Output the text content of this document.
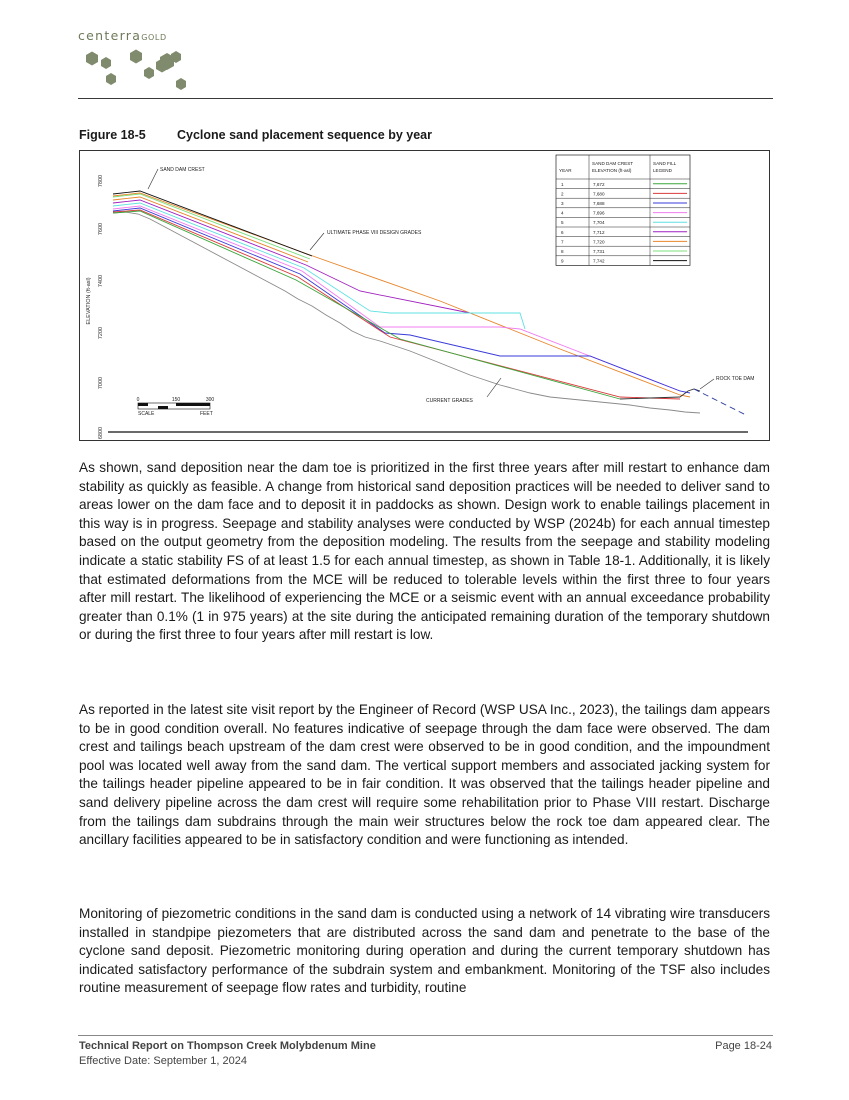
centerraGOLD
Figure 18-5	Cyclone sand placement sequence by year
7800
7600
7400
7200
7000
6800
ELEVATION (ft-asl)
SAND DAM CREST
ULTIMATE PHASE VIII DESIGN GRADES
CURRENT GRADES
ROCK TOE DAM
0	150	300
SCALE	FEET
YEAR
SAND DAM CREST
ELEVATION (ft-asl)
SAND FILL
LEGEND
1	7,672
2	7,680
3	7,688
4	7,696
5	7,704
6	7,712
7	7,720
8	7,731
9	7,742

As shown, sand deposition near the dam toe is prioritized in the first three years after mill restart to enhance dam stability as quickly as feasible. A change from historical sand deposition practices will be needed to deliver sand to areas lower on the dam face and to deposit it in paddocks as shown. Design work to enable tailings placement in this way is in progress. Seepage and stability analyses were conducted by WSP (2024b) for each annual timestep based on the output geometry from the deposition modeling. The results from the seepage and stability modeling indicate a static stability FS of at least 1.5 for each annual timestep, as shown in Table 18-1. Additionally, it is likely that estimated deformations from the MCE will be reduced to tolerable levels within the first three to four years after mill restart. The likelihood of experiencing the MCE or a seismic event with an annual exceedance probability greater than 0.1% (1 in 975 years) at the site during the anticipated remaining duration of the temporary shutdown or during the first three to four years after mill restart is low.

As reported in the latest site visit report by the Engineer of Record (WSP USA Inc., 2023), the tailings dam appears to be in good condition overall. No features indicative of seepage through the dam face were observed. The dam crest and tailings beach upstream of the dam crest were observed to be in good condition, and the impoundment pool was located well away from the sand dam. The vertical support members and associated jacking system for the tailings header pipeline appeared to be in fair condition. It was observed that the tailings header pipeline and sand delivery pipeline across the dam crest will require some rehabilitation prior to Phase VIII restart. Discharge from the tailings dam subdrains through the main weir structures below the rock toe dam appeared clear. The ancillary facilities appeared to be in satisfactory condition and were functioning as intended.

Monitoring of piezometric conditions in the sand dam is conducted using a network of 14 vibrating wire transducers installed in standpipe piezometers that are distributed across the sand dam and penetrate to the base of the cyclone sand deposit. Piezometric monitoring during operation and during the current temporary shutdown has indicated satisfactory performance of the subdrain system and embankment. Monitoring of the TSF also includes routine measurement of seepage flow rates and turbidity, routine

Technical Report on Thompson Creek Molybdenum Mine
Effective Date: September 1, 2024
Page 18-24
